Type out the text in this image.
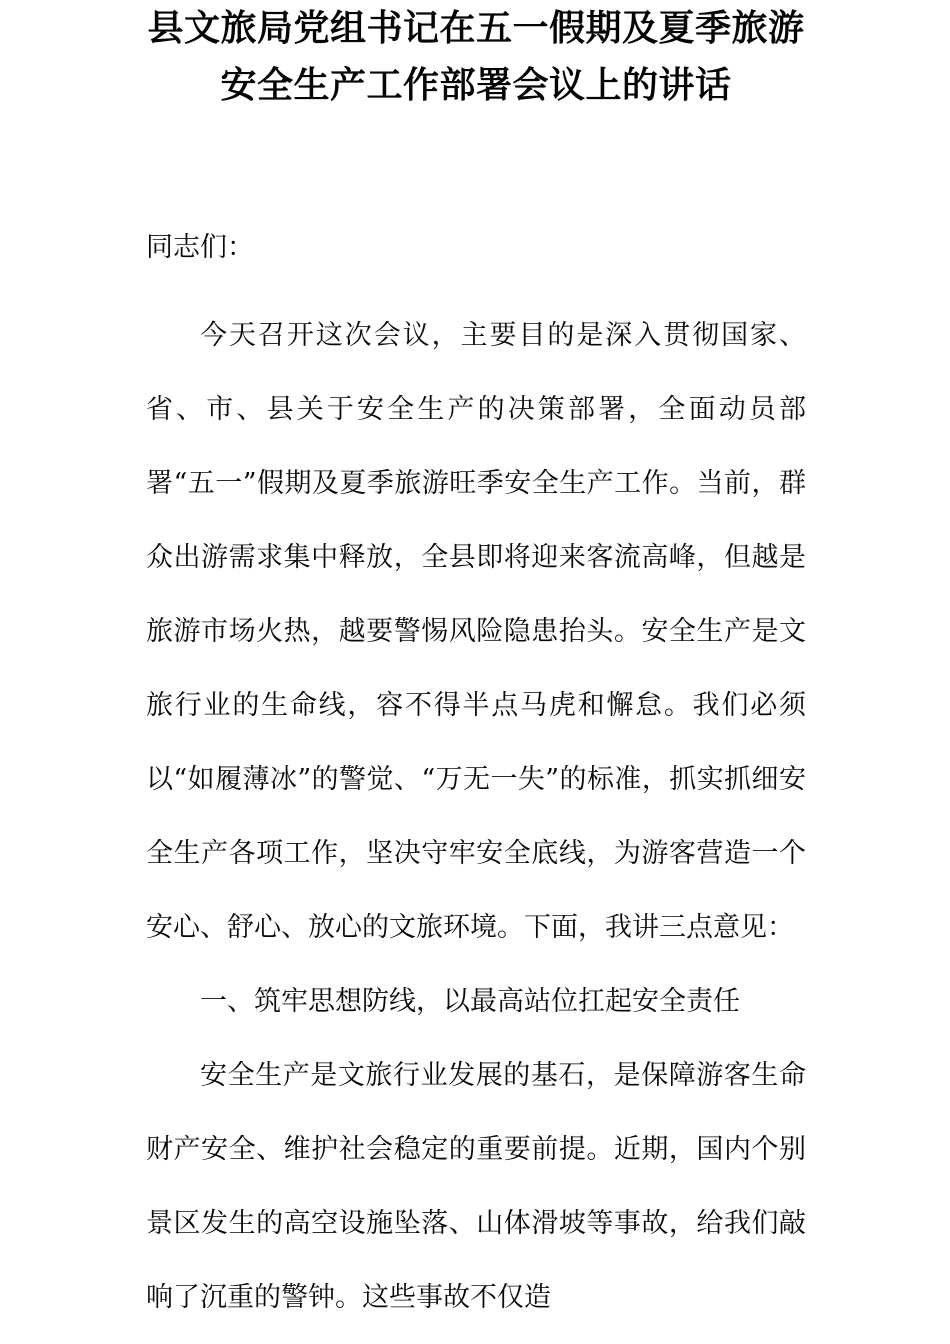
县文旅局党组书记在五一假期及夏季旅游
安全生产工作部署会议上的讲话

同志们：

今天召开这次会议，主要目的是深入贯彻国家、省、市、县关于安全生产的决策部署，全面动员部署“五一”假期及夏季旅游旺季安全生产工作。当前，群众出游需求集中释放，全县即将迎来客流高峰，但越是旅游市场火热，越要警惕风险隐患抬头。安全生产是文旅行业的生命线，容不得半点马虎和懈怠。我们必须以“如履薄冰”的警觉、“万无一失”的标准，抓实抓细安全生产各项工作，坚决守牢安全底线，为游客营造一个安心、舒心、放心的文旅环境。下面，我讲三点意见：

一、筑牢思想防线，以最高站位扛起安全责任

安全生产是文旅行业发展的基石，是保障游客生命财产安全、维护社会稳定的重要前提。近期，国内个别景区发生的高空设施坠落、山体滑坡等事故，给我们敲响了沉重的警钟。这些事故不仅造
